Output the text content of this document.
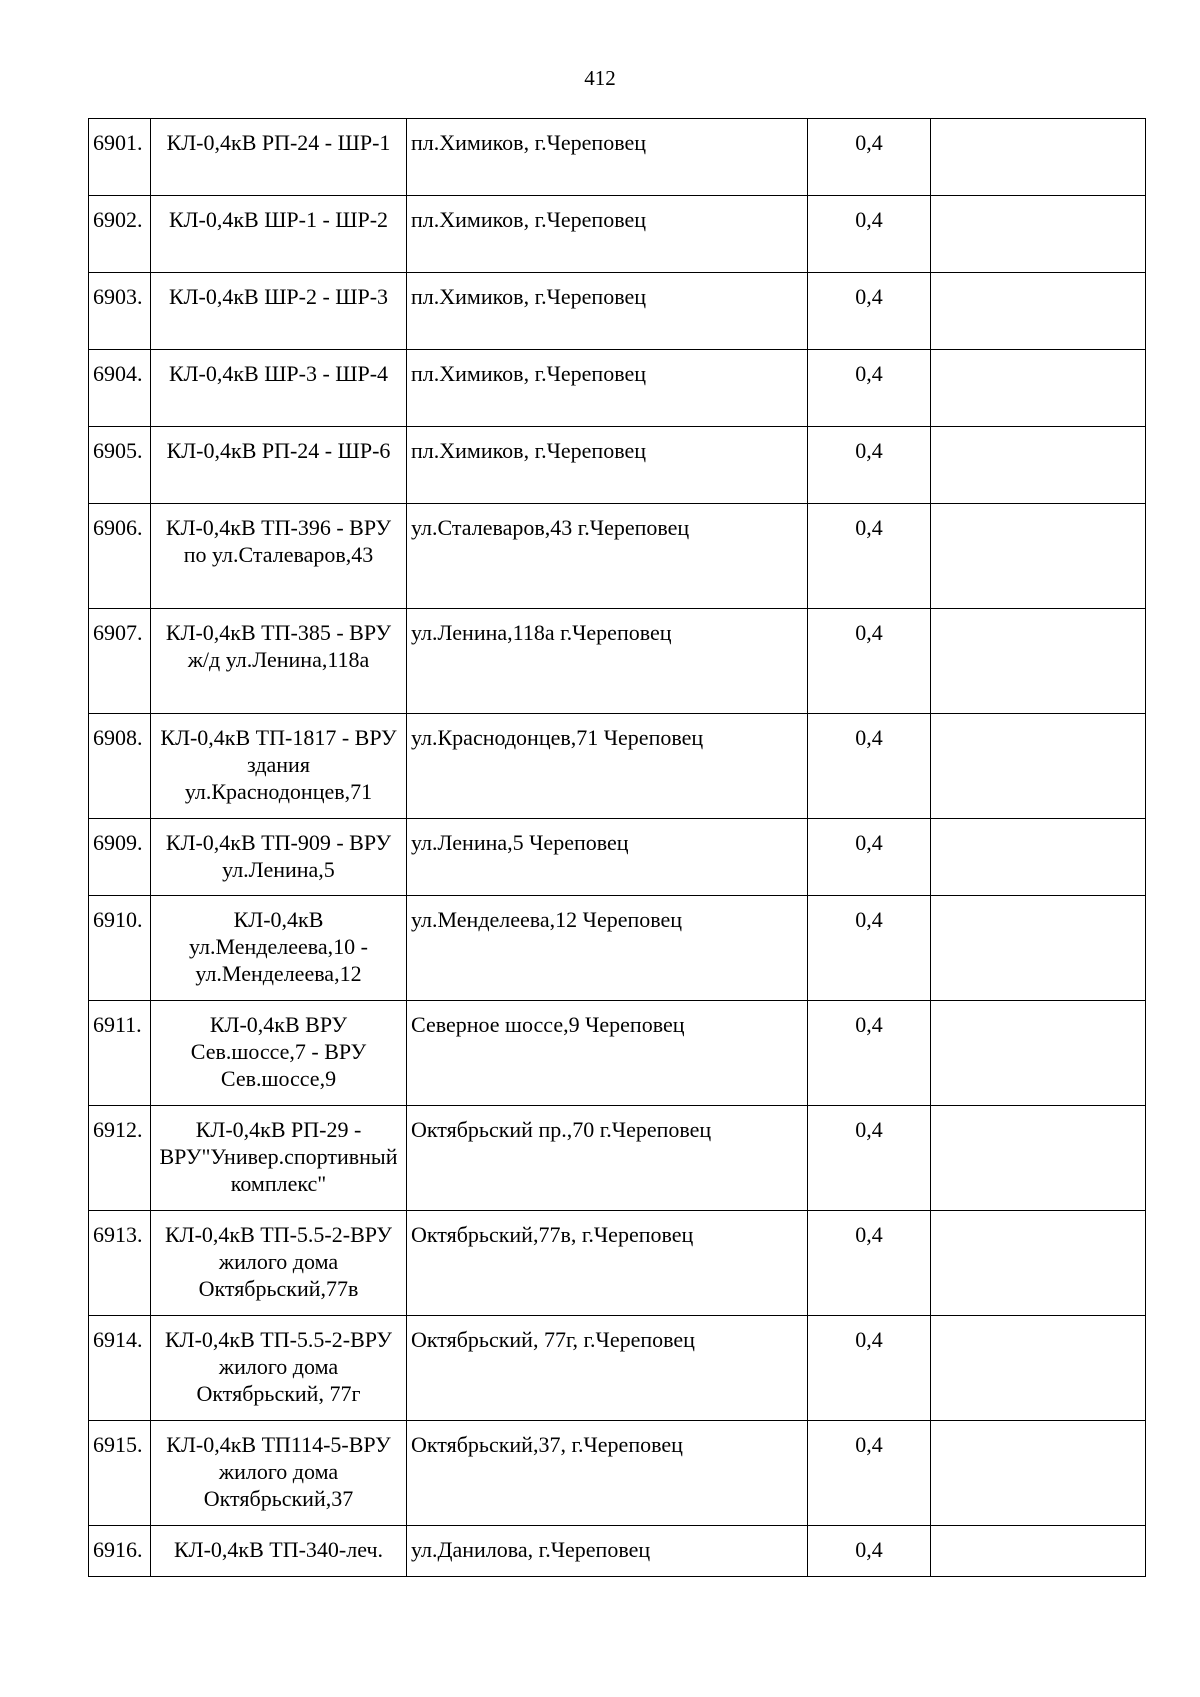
412
6901.	КЛ-0,4кВ РП-24 - ШР-1	пл.Химиков, г.Череповец	0,4	
6902.	КЛ-0,4кВ ШР-1 - ШР-2	пл.Химиков, г.Череповец	0,4	
6903.	КЛ-0,4кВ ШР-2 - ШР-3	пл.Химиков, г.Череповец	0,4	
6904.	КЛ-0,4кВ ШР-3 - ШР-4	пл.Химиков, г.Череповец	0,4	
6905.	КЛ-0,4кВ РП-24 - ШР-6	пл.Химиков, г.Череповец	0,4	
6906.	КЛ-0,4кВ ТП-396 - ВРУ по ул.Сталеваров,43	ул.Сталеваров,43 г.Череповец	0,4	
6907.	КЛ-0,4кВ ТП-385 - ВРУ ж/д ул.Ленина,118а	ул.Ленина,118а г.Череповец	0,4	
6908.	КЛ-0,4кВ ТП-1817 - ВРУ здания ул.Краснодонцев,71	ул.Краснодонцев,71 Череповец	0,4	
6909.	КЛ-0,4кВ ТП-909 - ВРУ ул.Ленина,5	ул.Ленина,5 Череповец	0,4	
6910.	КЛ-0,4кВ ул.Менделеева,10 - ул.Менделеева,12	ул.Менделеева,12 Череповец	0,4	
6911.	КЛ-0,4кВ ВРУ Сев.шоссе,7 - ВРУ Сев.шоссе,9	Северное шоссе,9 Череповец	0,4	
6912.	КЛ-0,4кВ РП-29 - ВРУ"Универ.спортивный комплекс"	Октябрьский пр.,70 г.Череповец	0,4	
6913.	КЛ-0,4кВ ТП-5.5-2-ВРУ жилого дома Октябрьский,77в	Октябрьский,77в, г.Череповец	0,4	
6914.	КЛ-0,4кВ ТП-5.5-2-ВРУ жилого дома Октябрьский, 77г	Октябрьский, 77г, г.Череповец	0,4	
6915.	КЛ-0,4кВ ТП114-5-ВРУ жилого дома Октябрьский,37	Октябрьский,37, г.Череповец	0,4	
6916.	КЛ-0,4кВ ТП-340-леч.	ул.Данилова, г.Череповец	0,4	
